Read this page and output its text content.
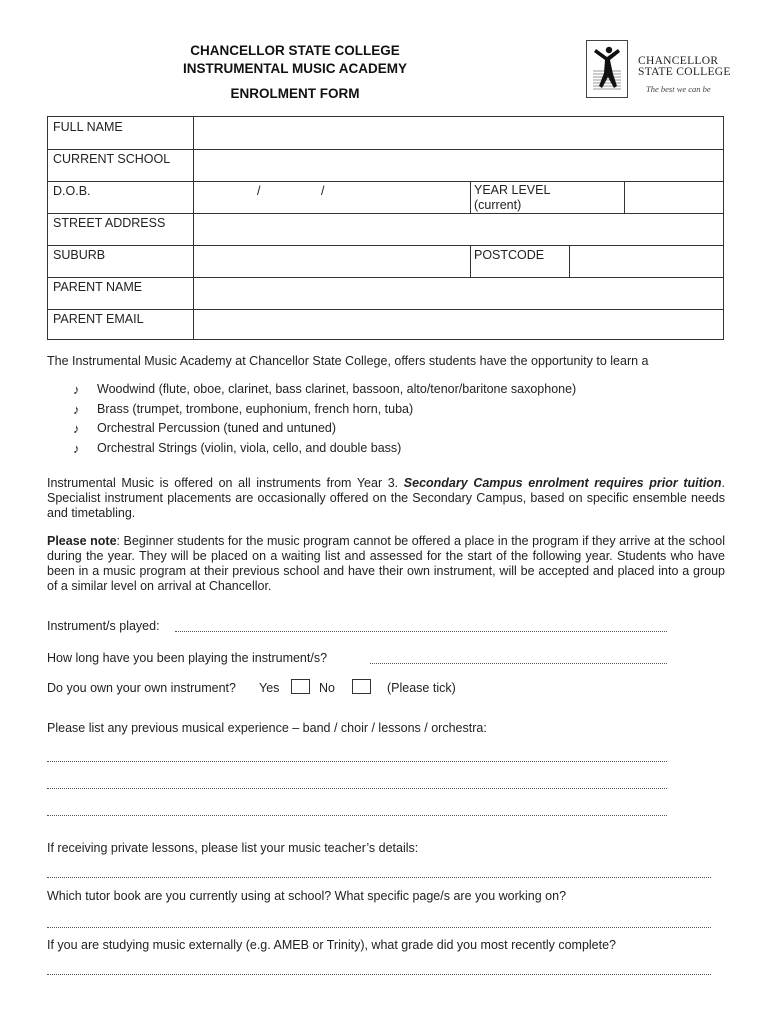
CHANCELLOR STATE COLLEGE
INSTRUMENTAL MUSIC ACADEMY
ENROLMENT FORM
CHANCELLOR
STATE COLLEGE
The best we can be
FULL NAME
CURRENT SCHOOL
D.O.B.	/	/	YEAR LEVEL
(current)
STREET ADDRESS
SUBURB	POSTCODE
PARENT NAME
PARENT EMAIL
The Instrumental Music Academy at Chancellor State College, offers students have the opportunity to learn a
♪ Woodwind (flute, oboe, clarinet, bass clarinet, bassoon, alto/tenor/baritone saxophone)
♪ Brass (trumpet, trombone, euphonium, french horn, tuba)
♪ Orchestral Percussion (tuned and untuned)
♪ Orchestral Strings (violin, viola, cello, and double bass)
Instrumental Music is offered on all instruments from Year 3. Secondary Campus enrolment requires prior tuition. Specialist instrument placements are occasionally offered on the Secondary Campus, based on specific ensemble needs and timetabling.
Please note: Beginner students for the music program cannot be offered a place in the program if they arrive at the school during the year. They will be placed on a waiting list and assessed for the start of the following year. Students who have been in a music program at their previous school and have their own instrument, will be accepted and placed into a group of a similar level on arrival at Chancellor.
Instrument/s played:
How long have you been playing the instrument/s?
Do you own your own instrument? Yes	No	(Please tick)
Please list any previous musical experience – band / choir / lessons / orchestra:
If receiving private lessons, please list your music teacher’s details:
Which tutor book are you currently using at school? What specific page/s are you working on?
If you are studying music externally (e.g. AMEB or Trinity), what grade did you most recently complete?
